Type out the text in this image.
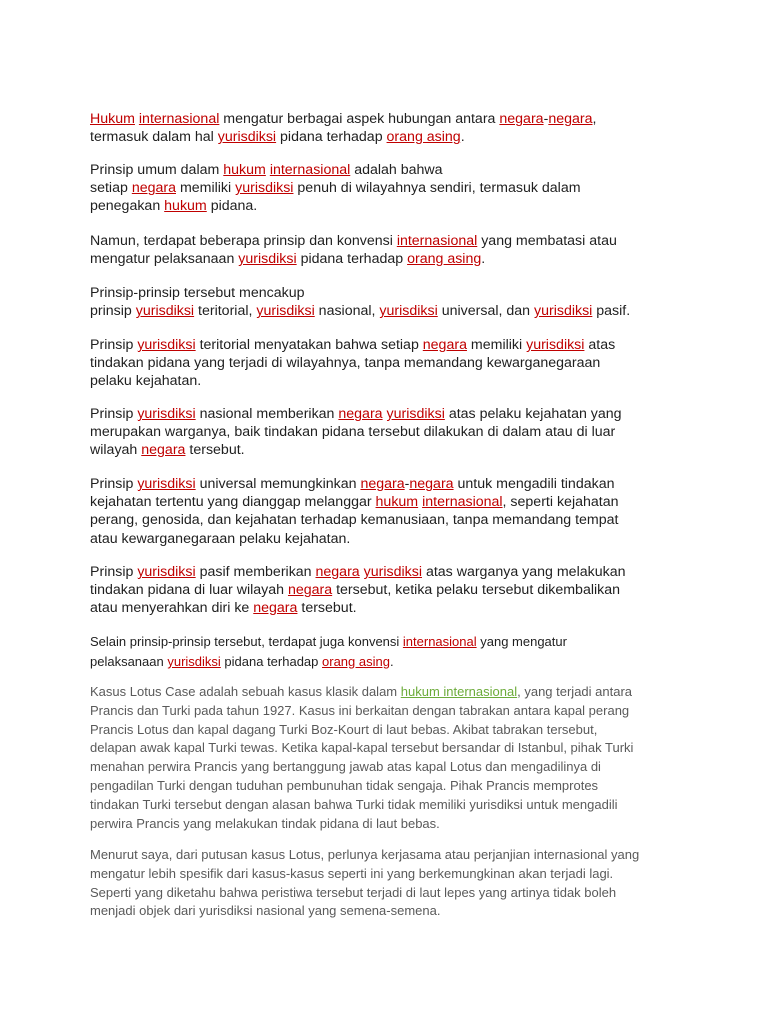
Hukum internasional mengatur berbagai aspek hubungan antara negara-negara,
termasuk dalam hal yurisdiksi pidana terhadap orang asing.
Prinsip umum dalam hukum internasional adalah bahwa
setiap negara memiliki yurisdiksi penuh di wilayahnya sendiri, termasuk dalam
penegakan hukum pidana.
Namun, terdapat beberapa prinsip dan konvensi internasional yang membatasi atau
mengatur pelaksanaan yurisdiksi pidana terhadap orang asing.
Prinsip-prinsip tersebut mencakup
prinsip yurisdiksi teritorial, yurisdiksi nasional, yurisdiksi universal, dan yurisdiksi pasif.
Prinsip yurisdiksi teritorial menyatakan bahwa setiap negara memiliki yurisdiksi atas
tindakan pidana yang terjadi di wilayahnya, tanpa memandang kewarganegaraan
pelaku kejahatan.
Prinsip yurisdiksi nasional memberikan negara yurisdiksi atas pelaku kejahatan yang
merupakan warganya, baik tindakan pidana tersebut dilakukan di dalam atau di luar
wilayah negara tersebut.
Prinsip yurisdiksi universal memungkinkan negara-negara untuk mengadili tindakan
kejahatan tertentu yang dianggap melanggar hukum internasional, seperti kejahatan
perang, genosida, dan kejahatan terhadap kemanusiaan, tanpa memandang tempat
atau kewarganegaraan pelaku kejahatan.
Prinsip yurisdiksi pasif memberikan negara yurisdiksi atas warganya yang melakukan
tindakan pidana di luar wilayah negara tersebut, ketika pelaku tersebut dikembalikan
atau menyerahkan diri ke negara tersebut.
Selain prinsip-prinsip tersebut, terdapat juga konvensi internasional yang mengatur
pelaksanaan yurisdiksi pidana terhadap orang asing.
Kasus Lotus Case adalah sebuah kasus klasik dalam hukum internasional, yang terjadi antara
Prancis dan Turki pada tahun 1927. Kasus ini berkaitan dengan tabrakan antara kapal perang
Prancis Lotus dan kapal dagang Turki Boz-Kourt di laut bebas. Akibat tabrakan tersebut,
delapan awak kapal Turki tewas. Ketika kapal-kapal tersebut bersandar di Istanbul, pihak Turki
menahan perwira Prancis yang bertanggung jawab atas kapal Lotus dan mengadilinya di
pengadilan Turki dengan tuduhan pembunuhan tidak sengaja. Pihak Prancis memprotes
tindakan Turki tersebut dengan alasan bahwa Turki tidak memiliki yurisdiksi untuk mengadili
perwira Prancis yang melakukan tindak pidana di laut bebas.
Menurut saya, dari putusan kasus Lotus, perlunya kerjasama atau perjanjian internasional yang
mengatur lebih spesifik dari kasus-kasus seperti ini yang berkemungkinan akan terjadi lagi.
Seperti yang diketahu bahwa peristiwa tersebut terjadi di laut lepes yang artinya tidak boleh
menjadi objek dari yurisdiksi nasional yang semena-semena.
